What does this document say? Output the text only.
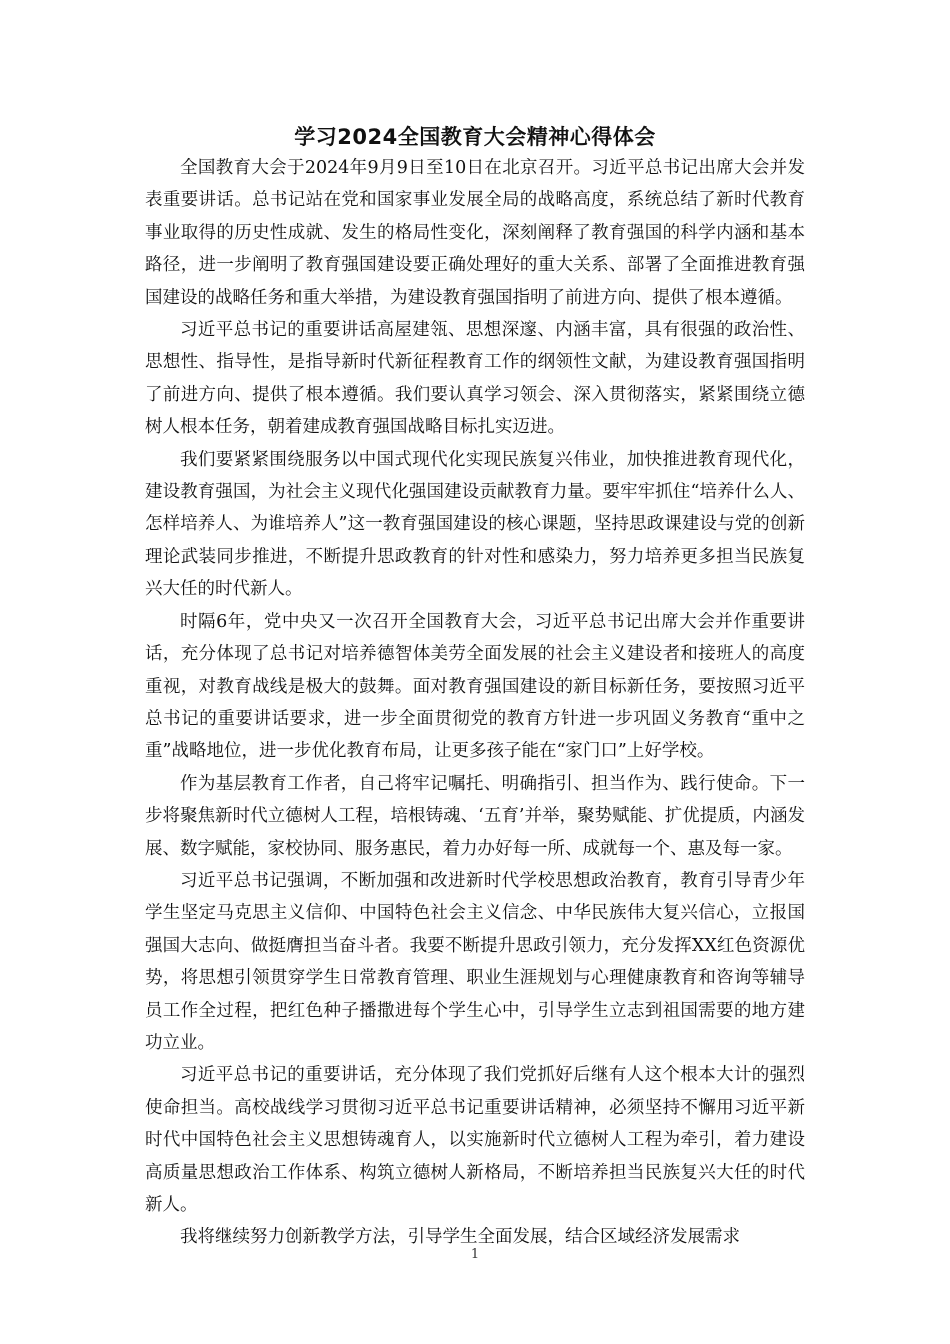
学习2024全国教育大会精神心得体会

全国教育大会于2024年9月9日至10日在北京召开。习近平总书记出席大会并发表重要讲话。总书记站在党和国家事业发展全局的战略高度，系统总结了新时代教育事业取得的历史性成就、发生的格局性变化，深刻阐释了教育强国的科学内涵和基本路径，进一步阐明了教育强国建设要正确处理好的重大关系、部署了全面推进教育强国建设的战略任务和重大举措，为建设教育强国指明了前进方向、提供了根本遵循。

习近平总书记的重要讲话高屋建瓴、思想深邃、内涵丰富，具有很强的政治性、思想性、指导性，是指导新时代新征程教育工作的纲领性文献，为建设教育强国指明了前进方向、提供了根本遵循。我们要认真学习领会、深入贯彻落实，紧紧围绕立德树人根本任务，朝着建成教育强国战略目标扎实迈进。

我们要紧紧围绕服务以中国式现代化实现民族复兴伟业，加快推进教育现代化，建设教育强国，为社会主义现代化强国建设贡献教育力量。要牢牢抓住“培养什么人、怎样培养人、为谁培养人”这一教育强国建设的核心课题，坚持思政课建设与党的创新理论武装同步推进，不断提升思政教育的针对性和感染力，努力培养更多担当民族复兴大任的时代新人。

时隔6年，党中央又一次召开全国教育大会，习近平总书记出席大会并作重要讲话，充分体现了总书记对培养德智体美劳全面发展的社会主义建设者和接班人的高度重视，对教育战线是极大的鼓舞。面对教育强国建设的新目标新任务，要按照习近平总书记的重要讲话要求，进一步全面贯彻党的教育方针进一步巩固义务教育“重中之重”战略地位，进一步优化教育布局，让更多孩子能在“家门口”上好学校。

作为基层教育工作者，自己将牢记嘱托、明确指引、担当作为、践行使命。下一步将聚焦新时代立德树人工程，培根铸魂、‘五育’并举，聚势赋能、扩优提质，内涵发展、数字赋能，家校协同、服务惠民，着力办好每一所、成就每一个、惠及每一家。

习近平总书记强调，不断加强和改进新时代学校思想政治教育，教育引导青少年学生坚定马克思主义信仰、中国特色社会主义信念、中华民族伟大复兴信心，立报国强国大志向、做挺膺担当奋斗者。我要不断提升思政引领力，充分发挥XX红色资源优势，将思想引领贯穿学生日常教育管理、职业生涯规划与心理健康教育和咨询等辅导员工作全过程，把红色种子播撒进每个学生心中，引导学生立志到祖国需要的地方建功立业。

习近平总书记的重要讲话，充分体现了我们党抓好后继有人这个根本大计的强烈使命担当。高校战线学习贯彻习近平总书记重要讲话精神，必须坚持不懈用习近平新时代中国特色社会主义思想铸魂育人，以实施新时代立德树人工程为牵引，着力建设高质量思想政治工作体系、构筑立德树人新格局，不断培养担当民族复兴大任的时代新人。

我将继续努力创新教学方法，引导学生全面发展，结合区域经济发展需求

1
